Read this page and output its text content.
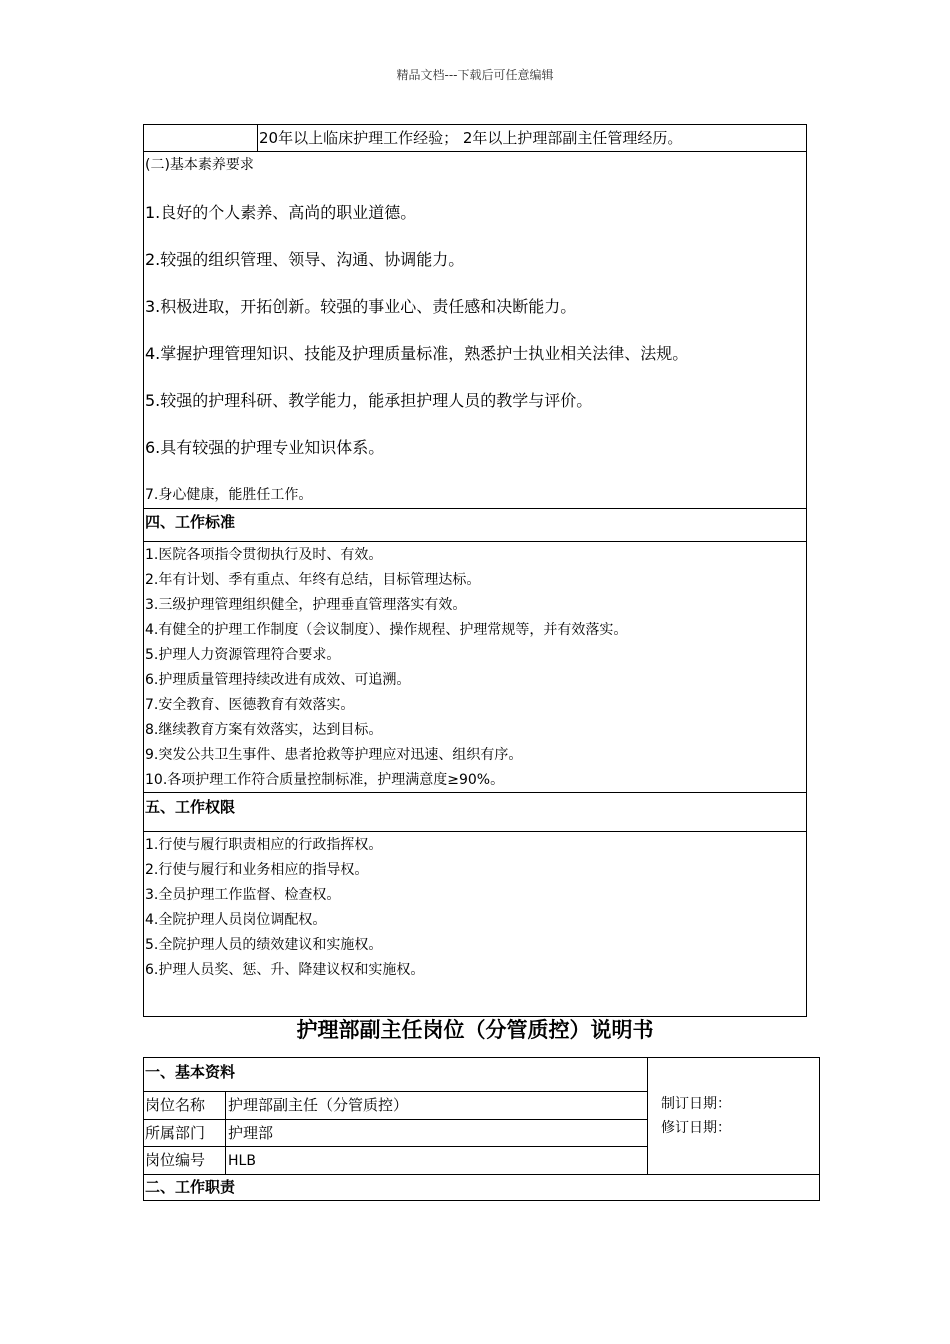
精品文档---下载后可任意编辑
20年以上临床护理工作经验； 2年以上护理部副主任管理经历。
(二)基本素养要求
1.良好的个人素养、高尚的职业道德。
2.较强的组织管理、领导、沟通、协调能力。
3.积极进取，开拓创新。较强的事业心、责任感和决断能力。
4.掌握护理管理知识、技能及护理质量标准，熟悉护士执业相关法律、法规。
5.较强的护理科研、教学能力，能承担护理人员的教学与评价。
6.具有较强的护理专业知识体系。
7.身心健康，能胜任工作。
四、工作标准
1.医院各项指令贯彻执行及时、有效。
2.年有计划、季有重点、年终有总结，目标管理达标。
3.三级护理管理组织健全，护理垂直管理落实有效。
4.有健全的护理工作制度（会议制度）、操作规程、护理常规等，并有效落实。
5.护理人力资源管理符合要求。
6.护理质量管理持续改进有成效、可追溯。
7.安全教育、医德教育有效落实。
8.继续教育方案有效落实，达到目标。
9.突发公共卫生事件、患者抢救等护理应对迅速、组织有序。
10.各项护理工作符合质量控制标准，护理满意度≥90%。
五、工作权限
1.行使与履行职责相应的行政指挥权。
2.行使与履行和业务相应的指导权。
3.全员护理工作监督、检查权。
4.全院护理人员岗位调配权。
5.全院护理人员的绩效建议和实施权。
6.护理人员奖、惩、升、降建议权和实施权。
护理部副主任岗位（分管质控）说明书
一、基本资料
岗位名称 护理部副主任（分管质控）
所属部门 护理部
岗位编号 HLB
制订日期：
修订日期：
二、工作职责
